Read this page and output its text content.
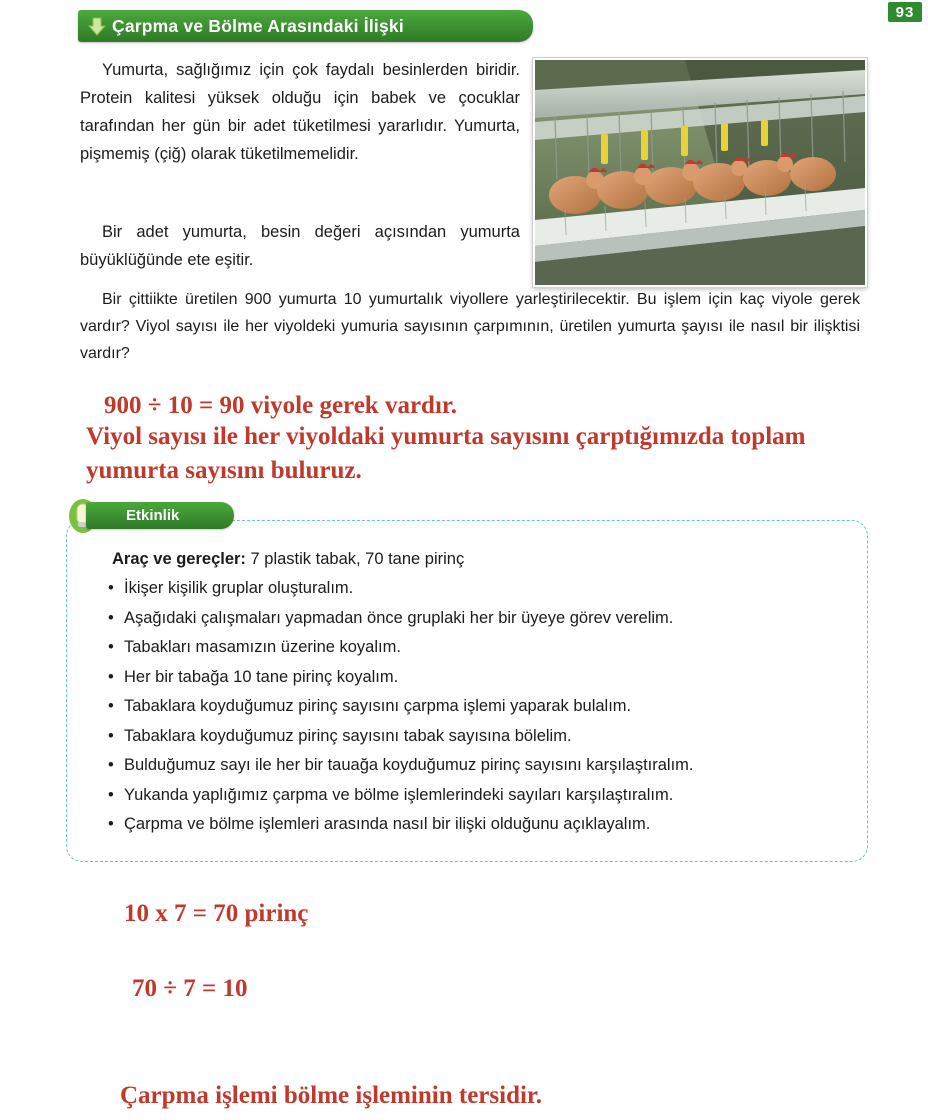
93
Çarpma ve Bölme Arasındaki İlişki
Yumurta, sağlığımız için çok faydalı besinlerden biridir. Protein kalitesi yüksek olduğu için babek ve çocuklar tarafından her gün bir adet tüketilmesi yararlıdır. Yumurta, pişmemiş (çiğ) olarak tüketilmemelidir.
Bir adet yumurta, besin değeri açısından yumurta büyüklüğünde ete eşitir.
Bir çittiikte üretilen 900 yumurta 10 yumurtalık viyollere yarleştirilecektir. Bu işlem için kaç viyole gerek vardır? Viyol sayısı ile her viyoldeki yumuria sayısının çarpımının, üretilen yumurta şayısı ile nasıl bir ilişktisi vardır?
900 ÷ 10 = 90 viyole gerek vardır.
Viyol sayısı ile her viyoldaki yumurta sayısını çarptığımızda toplam yumurta sayısını buluruz.
Etkinlik
Araç ve gereçler: 7 plastik tabak, 70 tane pirinç
• İkişer kişilik gruplar oluşturalım.
• Aşağıdaki çalışmaları yapmadan önce gruplaki her bir üyeye görev verelim.
• Tabakları masamızın üzerine koyalım.
• Her bir tabağa 10 tane pirinç koyalım.
• Tabaklara koyduğumuz pirinç sayısını çarpma işlemi yaparak bulalım.
• Tabaklara koyduğumuz pirinç sayısını tabak sayısına bölelim.
• Bulduğumuz sayı ile her bir tauağa koyduğumuz pirinç sayısını karşılaştıralım.
• Yukanda yaplığımız çarpma ve bölme işlemlerindeki sayıları karşılaştıralım.
• Çarpma ve bölme işlemleri arasında nasıl bir ilişki olduğunu açıklayalım.
10 x 7 = 70 pirinç
70 ÷ 7 = 10
Çarpma işlemi bölme işleminin tersidir.
